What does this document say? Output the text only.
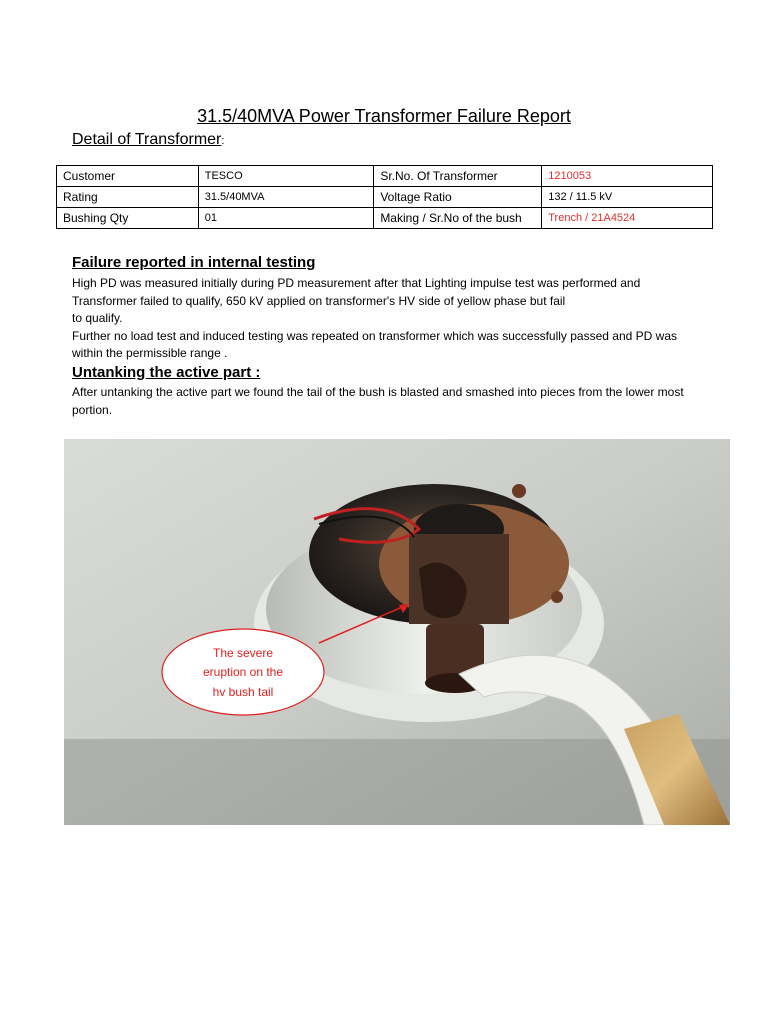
31.5/40MVA Power Transformer Failure Report
Detail of Transformer:
Customer	TESCO	Sr.No. Of Transformer	1210053
Rating	31.5/40MVA	Voltage Ratio	132 / 11.5 kV
Bushing Qty	01	Making / Sr.No of the bush	Trench / 21A4524
Failure reported in internal testing
High PD was measured initially during PD measurement after that Lighting impulse test was performed and
Transformer failed to qualify, 650 kV applied on transformer's HV side of yellow phase but fail
to qualify.
Further no load test and induced testing was repeated on transformer which was successfully passed and PD was
within the permissible range .
Untanking the active part :
After untanking the active part we found the tail of the bush is blasted and smashed into pieces from the lower most
portion.
The severe
eruption on the
hv bush tail
